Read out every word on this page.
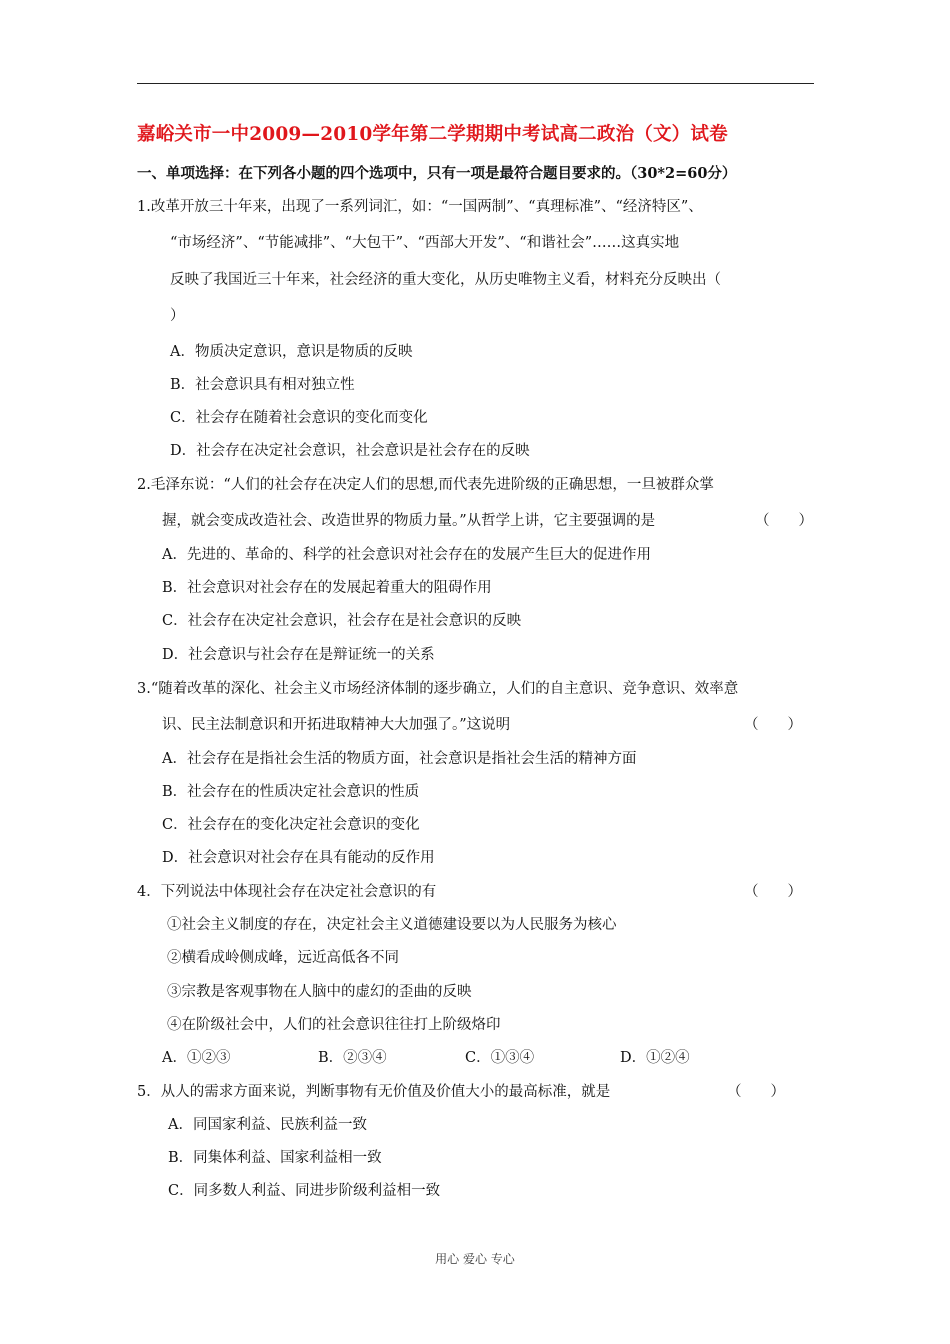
嘉峪关市一中2009—2010学年第二学期期中考试高二政治（文）试卷
一、单项选择：在下列各小题的四个选项中，只有一项是最符合题目要求的。（30*2=60分）
1.改革开放三十年来，出现了一系列词汇，如：“一国两制”、“真理标准”、“经济特区”、
“市场经济”、“节能减排”、“大包干”、“西部大开发”、“和谐社会”……这真实地
反映了我国近三十年来，社会经济的重大变化，从历史唯物主义看，材料充分反映出（
）
A．物质决定意识，意识是物质的反映
B．社会意识具有相对独立性
C．社会存在随着社会意识的变化而变化
D．社会存在决定社会意识，社会意识是社会存在的反映
2.毛泽东说：“人们的社会存在决定人们的思想,而代表先进阶级的正确思想，一旦被群众掌
握，就会变成改造社会、改造世界的物质力量。”从哲学上讲，它主要强调的是	（　　）
A．先进的、革命的、科学的社会意识对社会存在的发展产生巨大的促进作用
B．社会意识对社会存在的发展起着重大的阻碍作用
C．社会存在决定社会意识，社会存在是社会意识的反映
D．社会意识与社会存在是辩证统一的关系
3.“随着改革的深化、社会主义市场经济体制的逐步确立，人们的自主意识、竞争意识、效率意
识、民主法制意识和开拓进取精神大大加强了。”这说明	（　　）
A．社会存在是指社会生活的物质方面，社会意识是指社会生活的精神方面
B．社会存在的性质决定社会意识的性质
C．社会存在的变化决定社会意识的变化
D．社会意识对社会存在具有能动的反作用
4．下列说法中体现社会存在决定社会意识的有	（　　）
①社会主义制度的存在，决定社会主义道德建设要以为人民服务为核心
②横看成岭侧成峰，远近高低各不同
③宗教是客观事物在人脑中的虚幻的歪曲的反映
④在阶级社会中，人们的社会意识往往打上阶级烙印
A．①②③	B．②③④	C．①③④	D．①②④
5．从人的需求方面来说，判断事物有无价值及价值大小的最高标准，就是	（　　）
A．同国家利益、民族利益一致
B．同集体利益、国家利益相一致
C．同多数人利益、同进步阶级利益相一致
用心 爱心 专心
